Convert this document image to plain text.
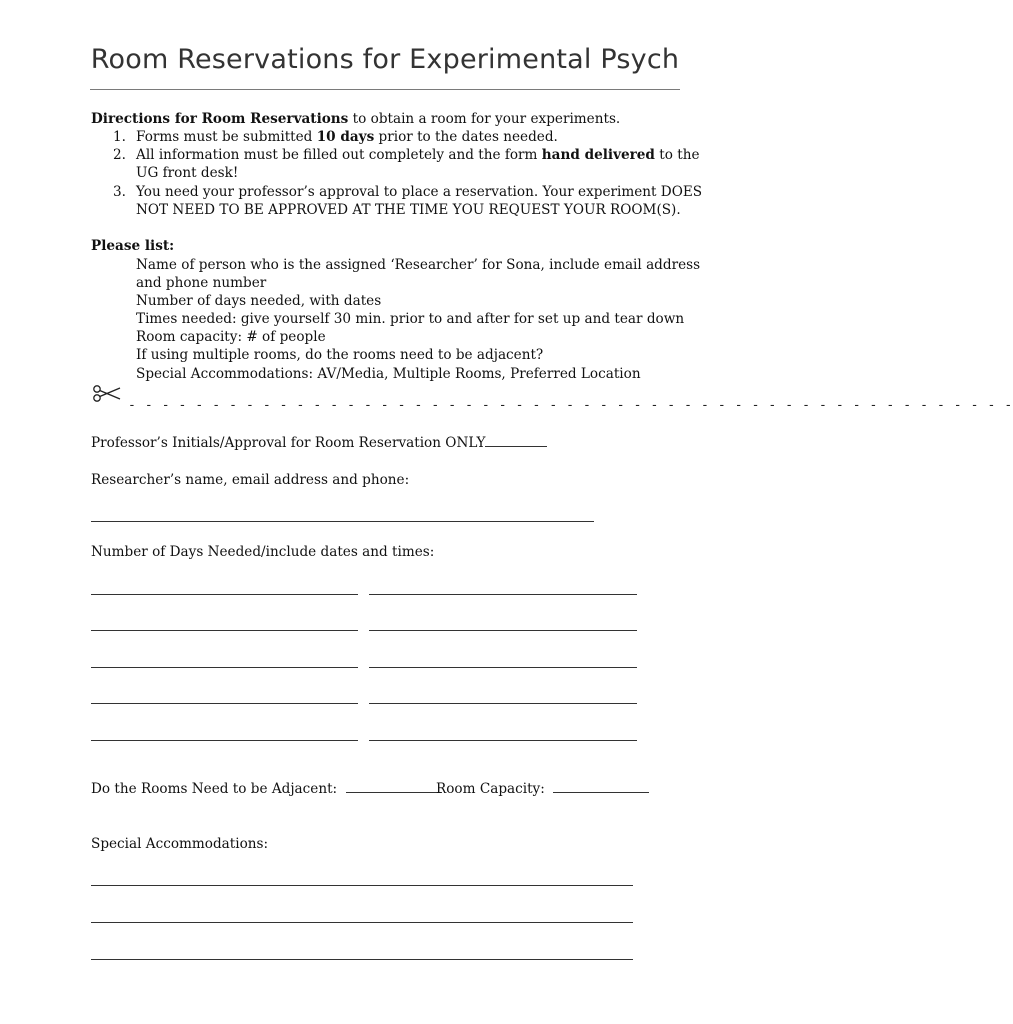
Room Reservations for Experimental Psych
Directions for Room Reservations to obtain a room for your experiments.
1. Forms must be submitted 10 days prior to the dates needed.
2. All information must be filled out completely and the form hand delivered to the
UG front desk!
3. You need your professor’s approval to place a reservation. Your experiment DOES
NOT NEED TO BE APPROVED AT THE TIME YOU REQUEST YOUR ROOM(S).
Please list:
Name of person who is the assigned ‘Researcher’ for Sona, include email address
and phone number
Number of days needed, with dates
Times needed: give yourself 30 min. prior to and after for set up and tear down
Room capacity: # of people
If using multiple rooms, do the rooms need to be adjacent?
Special Accommodations: AV/Media, Multiple Rooms, Preferred Location
- - - - - - - - - - - - - - - - - - - - - - - - - - - - - - - - - - - - - - - - - - - - - - - - - - - - -
Professor’s Initials/Approval for Room Reservation ONLY
Researcher’s name, email address and phone:
Number of Days Needed/include dates and times:
Do the Rooms Need to be Adjacent:	Room Capacity:
Special Accommodations:
